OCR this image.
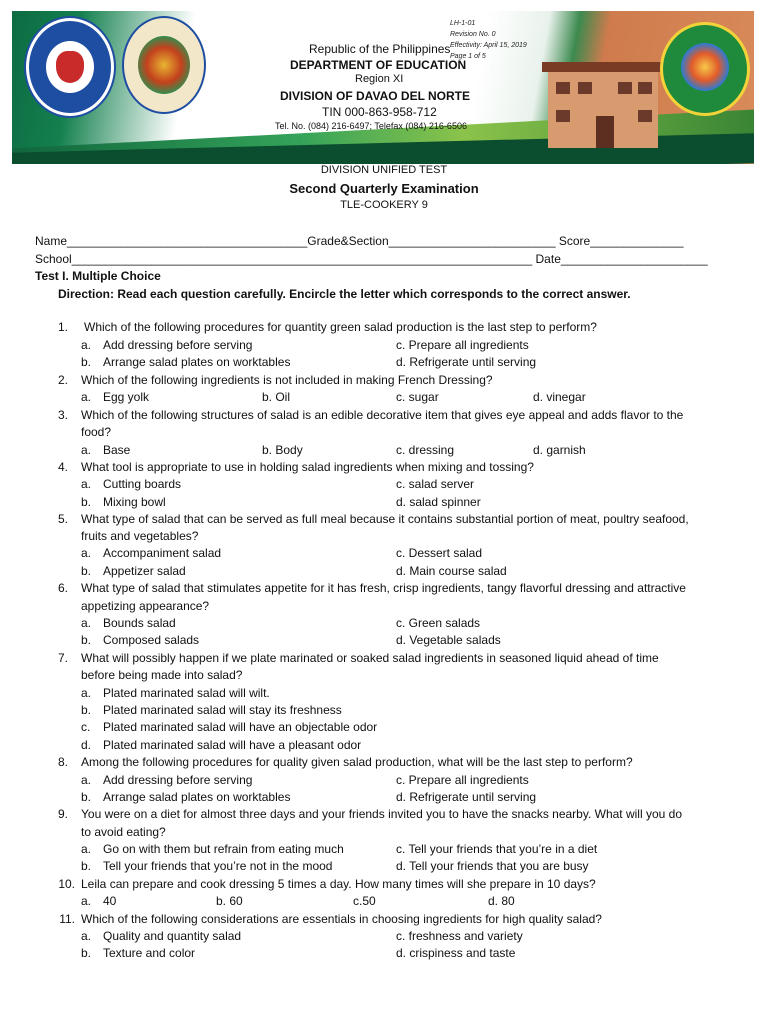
LH-1-01
Revision No. 0
Effectivity: April 15, 2019
Page 1 of 5
Republic of the Philippines
DEPARTMENT OF EDUCATION
Region XI
DIVISION OF DAVAO DEL NORTE
TIN 000-863-958-712
Tel. No. (084) 216-6497; Telefax (084) 216-6506
DIVISION UNIFIED TEST
Second Quarterly Examination
TLE-COOKERY 9
Name____________________________________Grade&Section_________________________ Score______________
School_____________________________________________________________________ Date______________________
Test I. Multiple Choice
Direction: Read each question carefully. Encircle the letter which corresponds to the correct answer.
1. Which of the following procedures for quantity green salad production is the last step to perform?
a. Add dressing before serving	c. Prepare all ingredients
b. Arrange salad plates on worktables	d. Refrigerate until serving
2. Which of the following ingredients is not included in making French Dressing?
a. Egg yolk	b. Oil	c. sugar	d. vinegar
3. Which of the following structures of salad is an edible decorative item that gives eye appeal and adds flavor to the
food?
a. Base	b. Body	c. dressing	d. garnish
4. What tool is appropriate to use in holding salad ingredients when mixing and tossing?
a. Cutting boards	c. salad server
b. Mixing bowl	d. salad spinner
5. What type of salad that can be served as full meal because it contains substantial portion of meat, poultry seafood,
fruits and vegetables?
a. Accompaniment salad	c. Dessert salad
b. Appetizer salad	d. Main course salad
6. What type of salad that stimulates appetite for it has fresh, crisp ingredients, tangy flavorful dressing and attractive
appetizing appearance?
a. Bounds salad	c. Green salads
b. Composed salads	d. Vegetable salads
7. What will possibly happen if we plate marinated or soaked salad ingredients in seasoned liquid ahead of time
before being made into salad?
a. Plated marinated salad will wilt.
b. Plated marinated salad will stay its freshness
c. Plated marinated salad will have an objectable odor
d. Plated marinated salad will have a pleasant odor
8. Among the following procedures for quality given salad production, what will be the last step to perform?
a. Add dressing before serving	c. Prepare all ingredients
b. Arrange salad plates on worktables	d. Refrigerate until serving
9. You were on a diet for almost three days and your friends invited you to have the snacks nearby. What will you do
to avoid eating?
a. Go on with them but refrain from eating much	c. Tell your friends that you’re in a diet
b. Tell your friends that you’re not in the mood	d. Tell your friends that you are busy
10. Leila can prepare and cook dressing 5 times a day. How many times will she prepare in 10 days?
a. 40	b. 60	c.50	d. 80
11. Which of the following considerations are essentials in choosing ingredients for high quality salad?
a. Quality and quantity salad	c. freshness and variety
b. Texture and color	d. crispiness and taste
